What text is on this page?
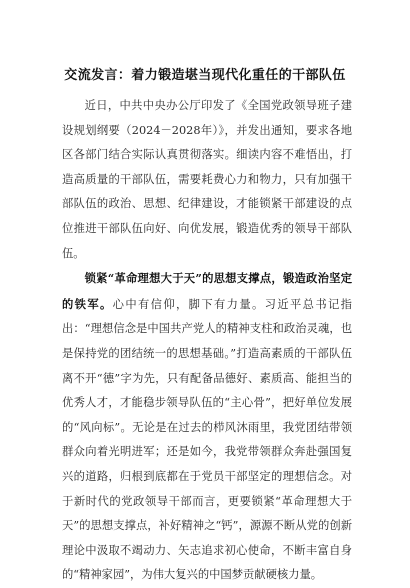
交流发言：着力锻造堪当现代化重任的干部队伍

近日，中共中央办公厅印发了《全国党政领导班子建设规划纲要（2024－2028年）》，并发出通知，要求各地区各部门结合实际认真贯彻落实。细读内容不难悟出，打造高质量的干部队伍，需要耗费心力和物力，只有加强干部队伍的政治、思想、纪律建设，才能锁紧干部建设的点位推进干部队伍向好、向优发展，锻造优秀的领导干部队伍。

锁紧“革命理想大于天”的思想支撑点，锻造政治坚定的铁军。心中有信仰，脚下有力量。习近平总书记指出：“理想信念是中国共产党人的精神支柱和政治灵魂，也是保持党的团结统一的思想基础。”打造高素质的干部队伍离不开“德”字为先，只有配备品德好、素质高、能担当的优秀人才，才能稳步领导队伍的“主心骨”，把好单位发展的“风向标”。无论是在过去的栉风沐雨里，我党团结带领群众向着光明进军；还是如今，我党带领群众奔赴强国复兴的道路，归根到底都在于党员干部坚定的理想信念。对于新时代的党政领导干部而言，更要锁紧“革命理想大于天”的思想支撑点，补好精神之“钙”，源源不断从党的创新理论中汲取不竭动力、矢志追求初心使命，不断丰富自身的“精神家园”，为伟大复兴的中国梦贡献硬核力量。
